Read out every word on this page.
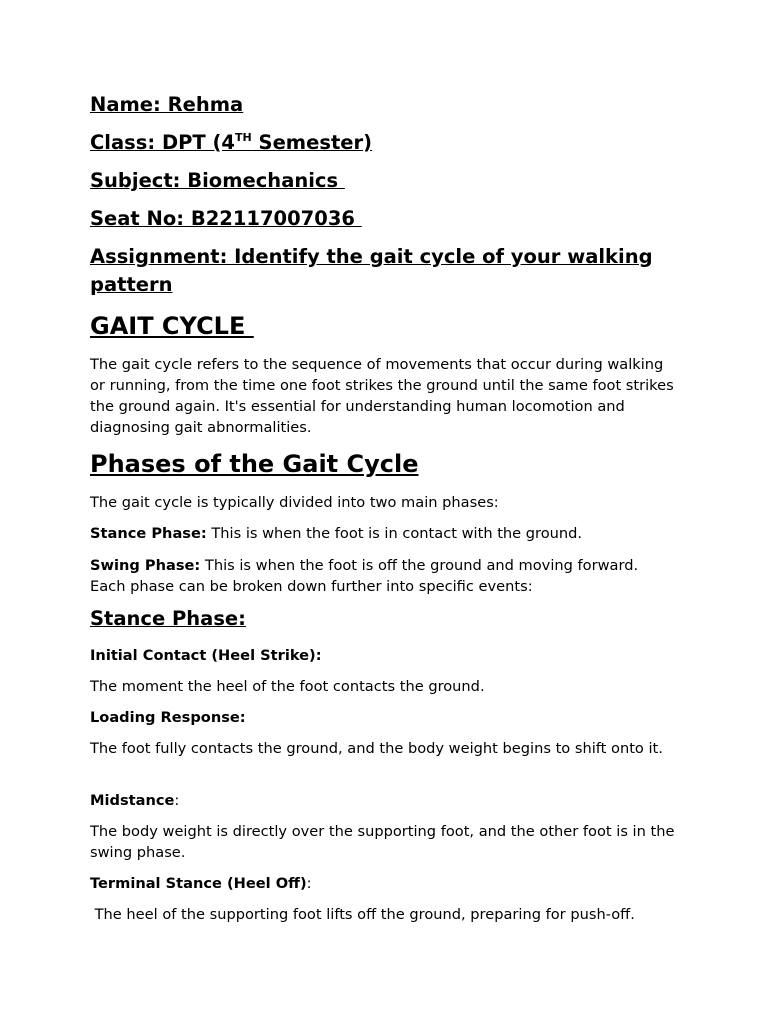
Name: Rehma
Class: DPT (4TH Semester)
Subject: Biomechanics
Seat No: B22117007036
Assignment: Identify the gait cycle of your walking pattern
GAIT CYCLE
The gait cycle refers to the sequence of movements that occur during walking or running, from the time one foot strikes the ground until the same foot strikes the ground again. It's essential for understanding human locomotion and diagnosing gait abnormalities.
Phases of the Gait Cycle
The gait cycle is typically divided into two main phases:
Stance Phase: This is when the foot is in contact with the ground.
Swing Phase: This is when the foot is off the ground and moving forward. Each phase can be broken down further into specific events:
Stance Phase:
Initial Contact (Heel Strike):
The moment the heel of the foot contacts the ground.
Loading Response:
The foot fully contacts the ground, and the body weight begins to shift onto it.
Midstance:
The body weight is directly over the supporting foot, and the other foot is in the swing phase.
Terminal Stance (Heel Off):
The heel of the supporting foot lifts off the ground, preparing for push-off.
